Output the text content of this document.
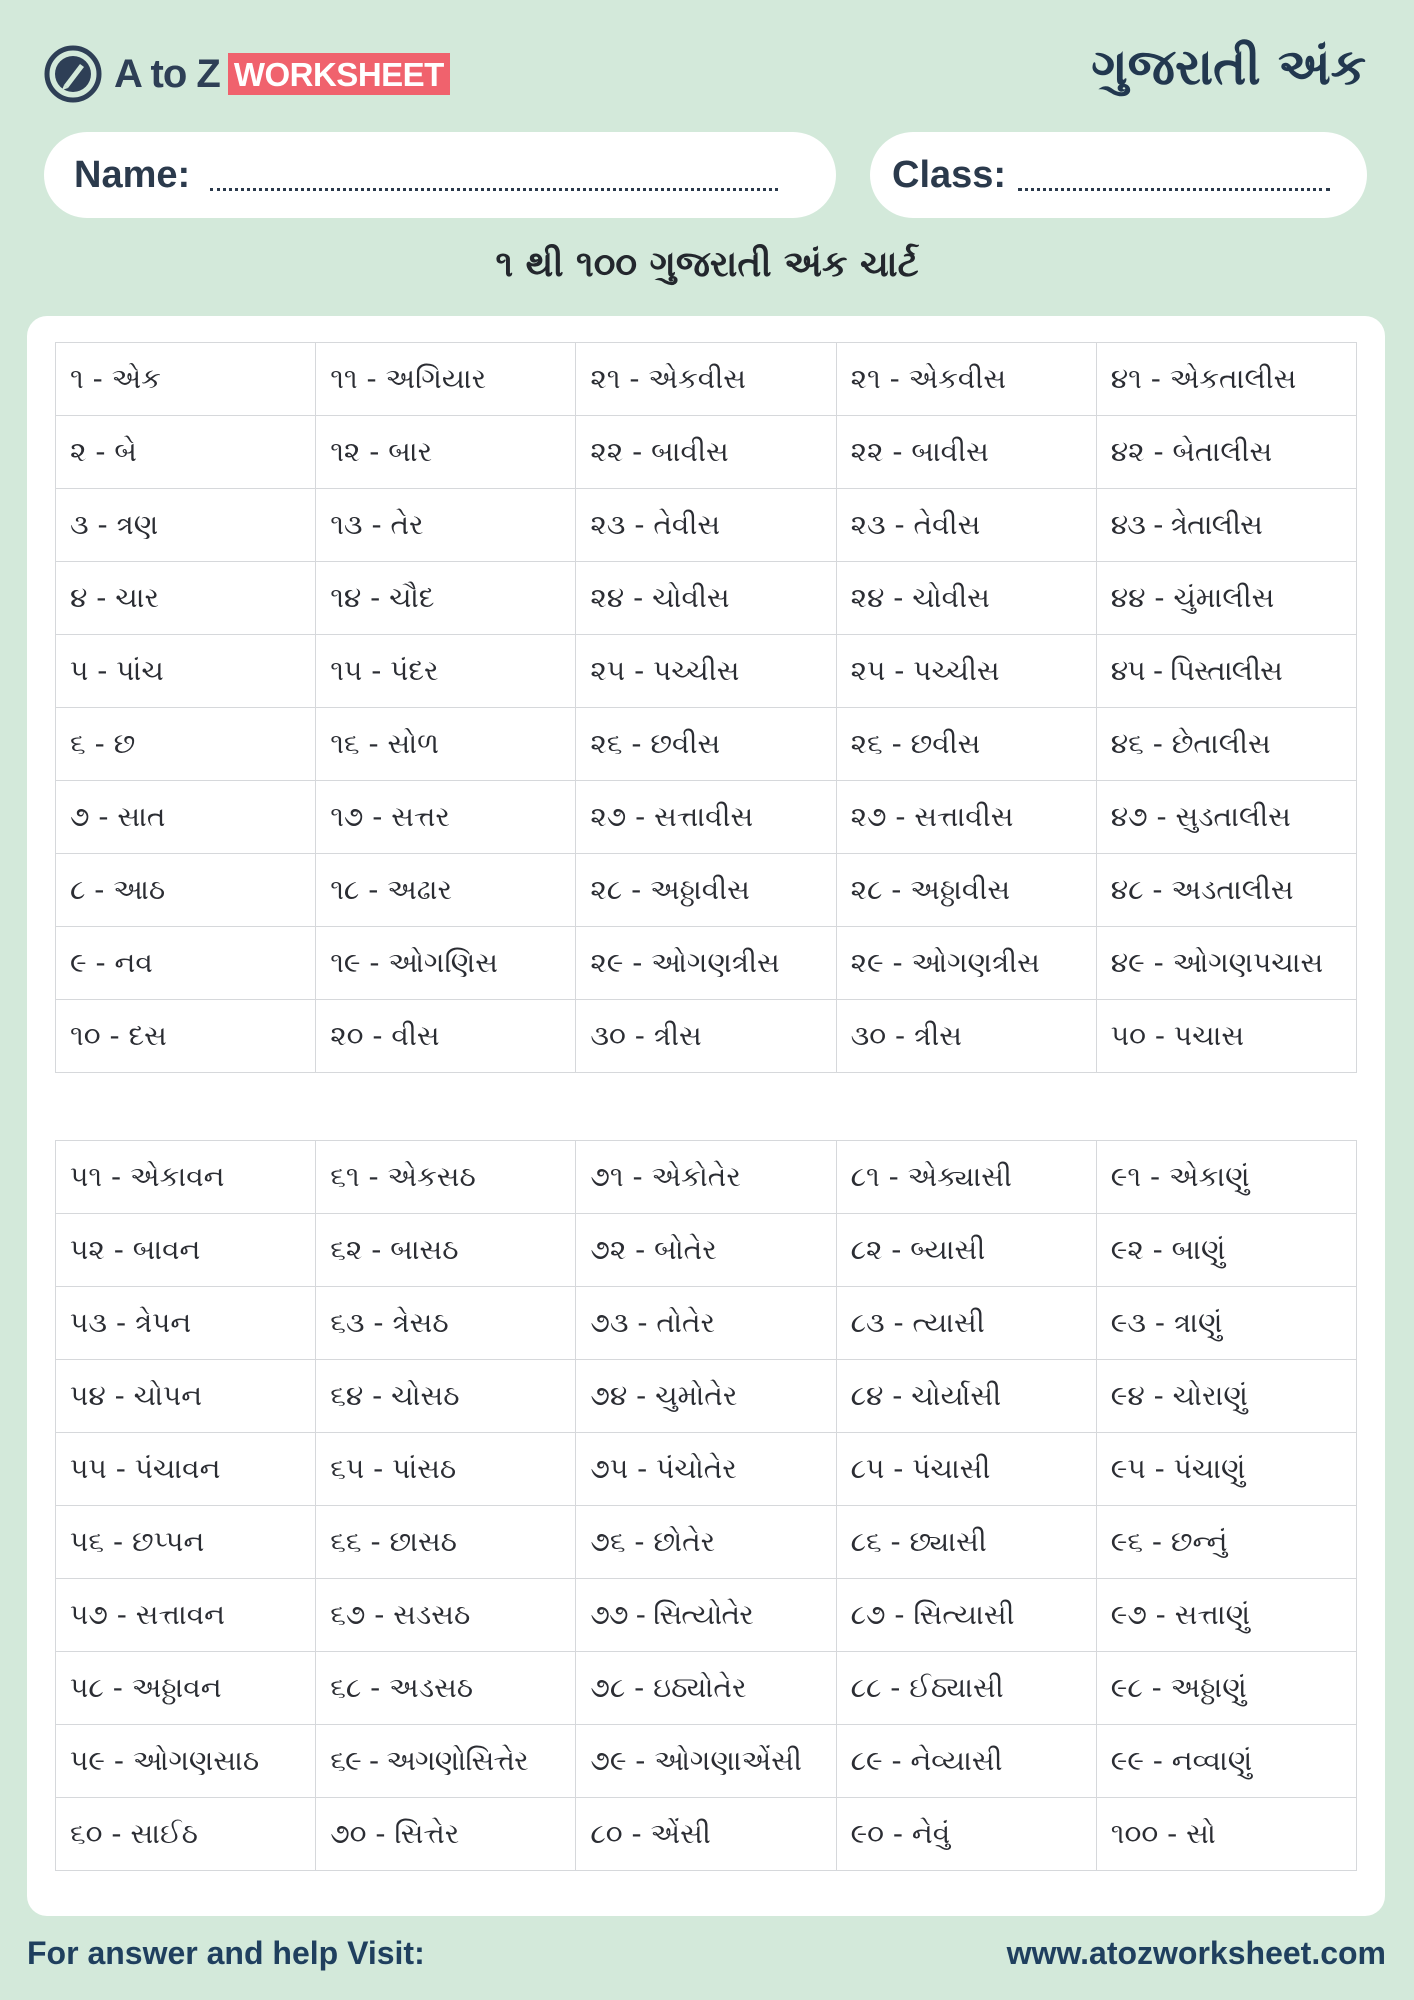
A to Z WORKSHEET	ગુજરાતી અંક
Name:	Class:
૧ થી ૧૦૦ ગુજરાતી અંક ચાર્ટ
૧ - એક	૧૧ - અગિયાર	૨૧ - એકવીસ	૨૧ - એકવીસ	૪૧ - એકતાલીસ
૨ - બે	૧૨ - બાર	૨૨ - બાવીસ	૨૨ - બાવીસ	૪૨ - બેતાલીસ
૩ - ત્રણ	૧૩ - તેર	૨૩ - તેવીસ	૨૩ - તેવીસ	૪૩ - ત્રેતાલીસ
૪ - ચાર	૧૪ - ચૌદ	૨૪ - ચોવીસ	૨૪ - ચોવીસ	૪૪ - ચુંમાલીસ
૫ - પાંચ	૧૫ - પંદર	૨૫ - પચ્ચીસ	૨૫ - પચ્ચીસ	૪૫ - પિસ્તાલીસ
૬ - છ	૧૬ - સોળ	૨૬ - છવીસ	૨૬ - છવીસ	૪૬ - છેતાલીસ
૭ - સાત	૧૭ - સત્તર	૨૭ - સત્તાવીસ	૨૭ - સત્તાવીસ	૪૭ - સુડતાલીસ
૮ - આઠ	૧૮ - અઢાર	૨૮ - અઠ્ઠાવીસ	૨૮ - અઠ્ઠાવીસ	૪૮ - અડતાલીસ
૯ - નવ	૧૯ - ઓગણિસ	૨૯ - ઓગણત્રીસ	૨૯ - ઓગણત્રીસ	૪૯ - ઓગણપચાસ
૧૦ - દસ	૨૦ - વીસ	૩૦ - ત્રીસ	૩૦ - ત્રીસ	૫૦ - પચાસ
૫૧ - એકાવન	૬૧ - એકસઠ	૭૧ - એકોતેર	૮૧ - એક્યાસી	૯૧ - એકાણું
૫૨ - બાવન	૬૨ - બાસઠ	૭૨ - બોતેર	૮૨ - બ્યાસી	૯૨ - બાણું
૫૩ - ત્રેપન	૬૩ - ત્રેસઠ	૭૩ - તોતેર	૮૩ - ત્યાસી	૯૩ - ત્રાણું
૫૪ - ચોપન	૬૪ - ચોસઠ	૭૪ - ચુમોતેર	૮૪ - ચોર્યાસી	૯૪ - ચોરાણું
૫૫ - પંચાવન	૬૫ - પાંસઠ	૭૫ - પંચોતેર	૮૫ - પંચાસી	૯૫ - પંચાણું
૫૬ - છપ્પન	૬૬ - છાસઠ	૭૬ - છોતેર	૮૬ - છ્યાસી	૯૬ - છન્નું
૫૭ - સત્તાવન	૬૭ - સડસઠ	૭૭ - સિત્યોતેર	૮૭ - સિત્યાસી	૯૭ - સત્તાણું
૫૮ - અઠ્ઠાવન	૬૮ - અડસઠ	૭૮ - ઇઠ્યોતેર	૮૮ - ઈઠ્યાસી	૯૮ - અઠ્ઠાણું
૫૯ - ઓગણસાઠ	૬૯ - અગણોસિત્તેર	૭૯ - ઓગણાએંસી	૮૯ - નેવ્યાસી	૯૯ - નવ્વાણું
૬૦ - સાઈઠ	૭૦ - સિત્તેર	૮૦ - એંસી	૯૦ - નેવું	૧૦૦ - સો
For answer and help Visit:	www.atozworksheet.com
